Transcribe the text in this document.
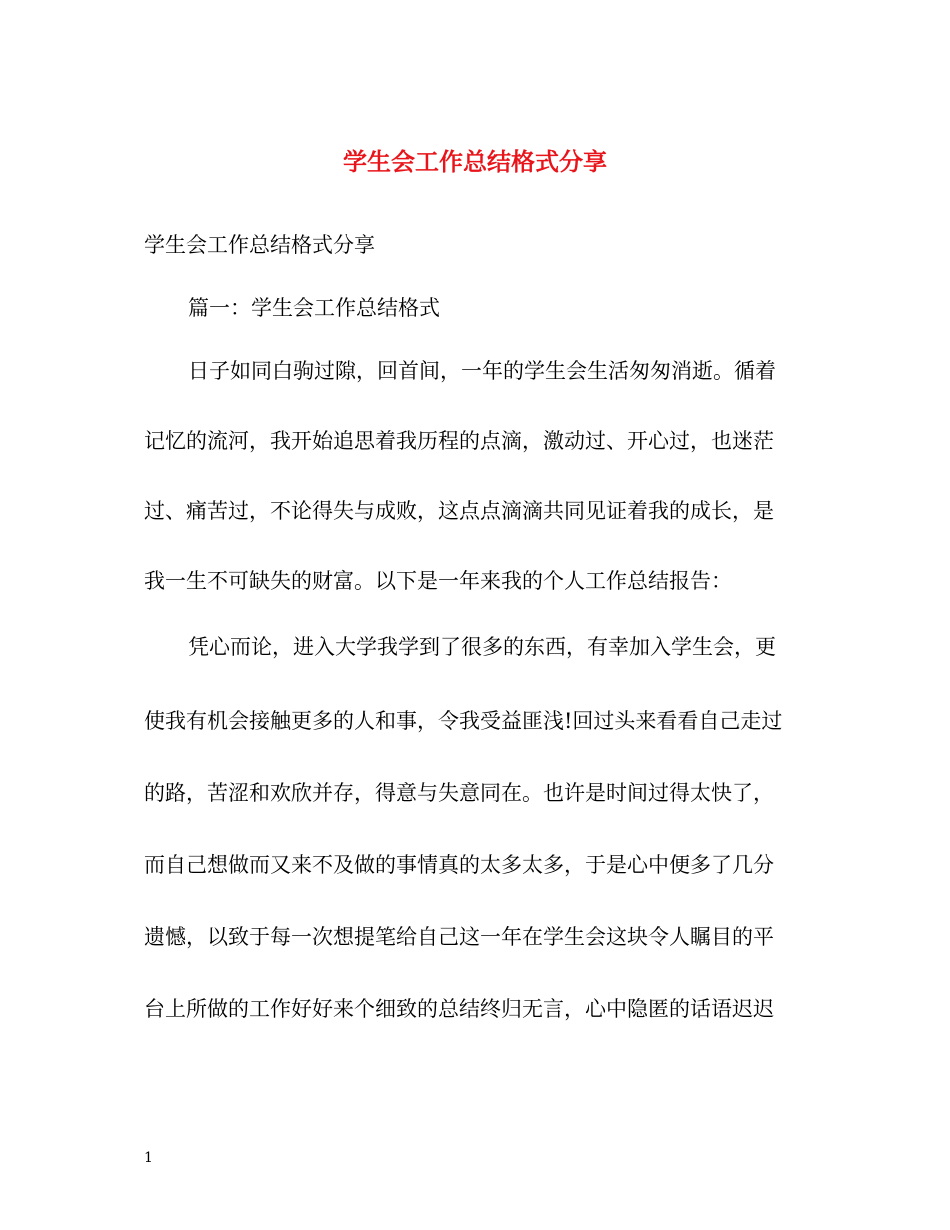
学生会工作总结格式分享

学生会工作总结格式分享

篇一：学生会工作总结格式

日子如同白驹过隙，回首间，一年的学生会生活匆匆消逝。循着

记忆的流河，我开始追思着我历程的点滴，激动过、开心过，也迷茫

过、痛苦过，不论得失与成败，这点点滴滴共同见证着我的成长，是

我一生不可缺失的财富。以下是一年来我的个人工作总结报告：

凭心而论，进入大学我学到了很多的东西，有幸加入学生会，更

使我有机会接触更多的人和事，令我受益匪浅!回过头来看看自己走过

的路，苦涩和欢欣并存，得意与失意同在。也许是时间过得太快了，

而自己想做而又来不及做的事情真的太多太多，于是心中便多了几分

遗憾，以致于每一次想提笔给自己这一年在学生会这块令人瞩目的平

台上所做的工作好好来个细致的总结终归无言，心中隐匿的话语迟迟

1
